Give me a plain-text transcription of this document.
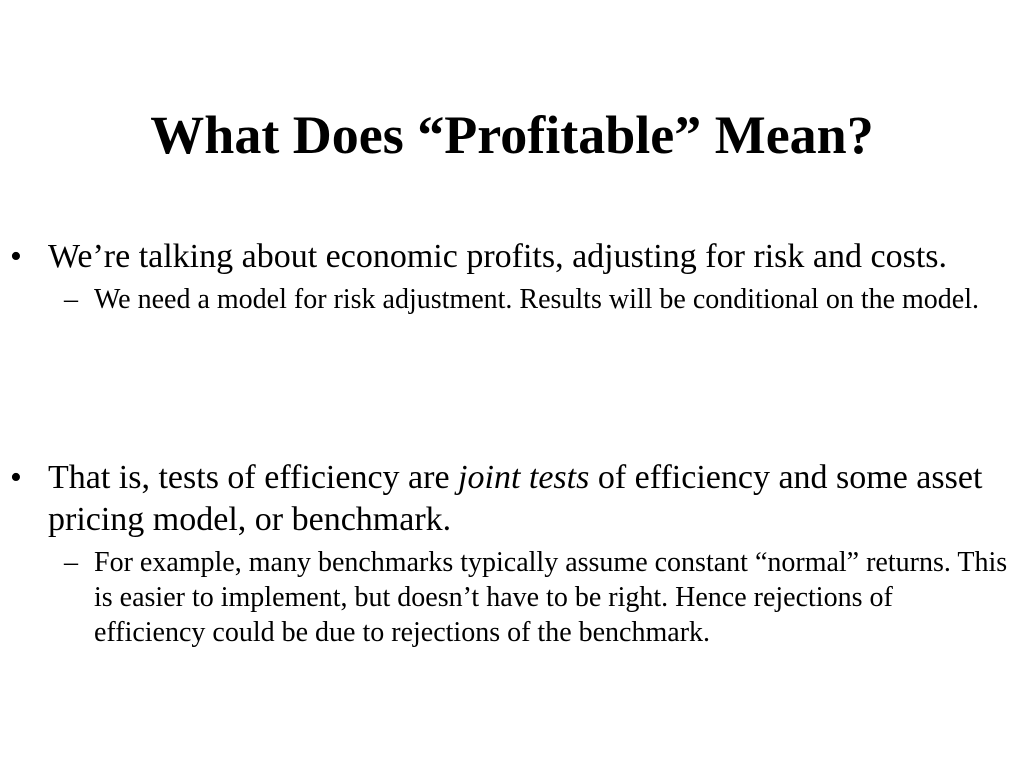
What Does “Profitable” Mean?
• We’re talking about economic profits, adjusting for risk and costs.
– We need a model for risk adjustment. Results will be conditional on the model.
• That is, tests of efficiency are joint tests of efficiency and some asset pricing model, or benchmark.
– For example, many benchmarks typically assume constant “normal” returns. This is easier to implement, but doesn’t have to be right. Hence rejections of efficiency could be due to rejections of the benchmark.
